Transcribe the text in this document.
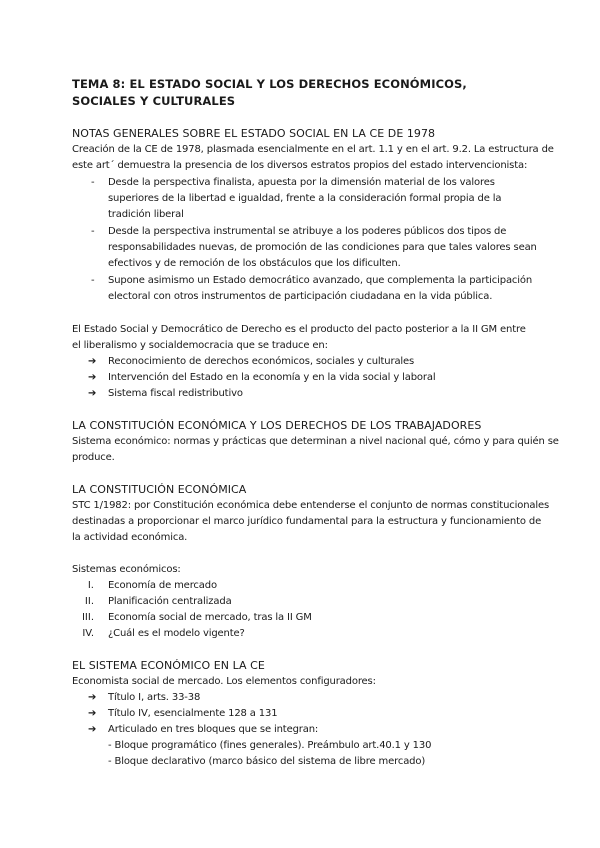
TEMA 8: EL ESTADO SOCIAL Y LOS DERECHOS ECONÓMICOS,
SOCIALES Y CULTURALES
NOTAS GENERALES SOBRE EL ESTADO SOCIAL EN LA CE DE 1978
Creación de la CE de 1978, plasmada esencialmente en el art. 1.1 y en el art. 9.2. La estructura de
este art´ demuestra la presencia de los diversos estratos propios del estado intervencionista:
- Desde la perspectiva finalista, apuesta por la dimensión material de los valores
superiores de la libertad e igualdad, frente a la consideración formal propia de la
tradición liberal
- Desde la perspectiva instrumental se atribuye a los poderes públicos dos tipos de
responsabilidades nuevas, de promoción de las condiciones para que tales valores sean
efectivos y de remoción de los obstáculos que los dificulten.
- Supone asimismo un Estado democrático avanzado, que complementa la participación
electoral con otros instrumentos de participación ciudadana en la vida pública.
El Estado Social y Democrático de Derecho es el producto del pacto posterior a la II GM entre
el liberalismo y socialdemocracia que se traduce en:
➔ Reconocimiento de derechos económicos, sociales y culturales
➔ Intervención del Estado en la economía y en la vida social y laboral
➔ Sistema fiscal redistributivo
LA CONSTITUCIÓN ECONÓMICA Y LOS DERECHOS DE LOS TRABAJADORES
Sistema económico: normas y prácticas que determinan a nivel nacional qué, cómo y para quién se
produce.
LA CONSTITUCIÓN ECONÓMICA
STC 1/1982: por Constitución económica debe entenderse el conjunto de normas constitucionales
destinadas a proporcionar el marco jurídico fundamental para la estructura y funcionamiento de
la actividad económica.
Sistemas económicos:
I. Economía de mercado
II. Planificación centralizada
III. Economía social de mercado, tras la II GM
IV. ¿Cuál es el modelo vigente?
EL SISTEMA ECONÓMICO EN LA CE
Economista social de mercado. Los elementos configuradores:
➔ Título I, arts. 33-38
➔ Título IV, esencialmente 128 a 131
➔ Articulado en tres bloques que se integran:
- Bloque programático (fines generales). Preámbulo art.40.1 y 130
- Bloque declarativo (marco básico del sistema de libre mercado)
